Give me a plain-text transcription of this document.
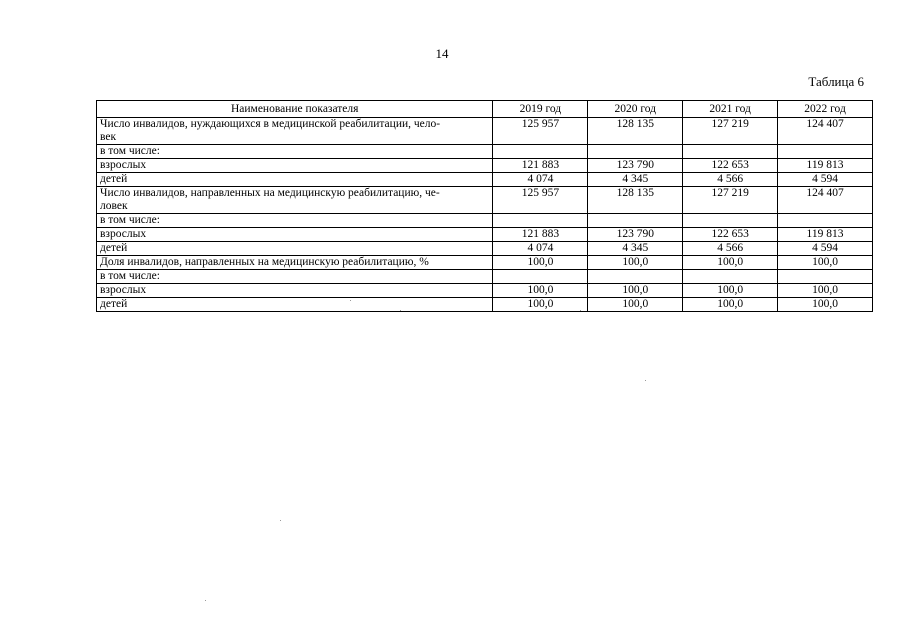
14
Таблица 6
Наименование показателя	2019 год	2020 год	2021 год	2022 год
Число инвалидов, нуждающихся в медицинской реабилитации, чело-
век	125 957	128 135	127 219	124 407
в том числе:				
взрослых	121 883	123 790	122 653	119 813
детей	4 074	4 345	4 566	4 594
Число инвалидов, направленных на медицинскую реабилитацию, че-
ловек	125 957	128 135	127 219	124 407
в том числе:				
взрослых	121 883	123 790	122 653	119 813
детей	4 074	4 345	4 566	4 594
Доля инвалидов, направленных на медицинскую реабилитацию, %	100,0	100,0	100,0	100,0
в том числе:				
взрослых	100,0	100,0	100,0	100,0
детей	100,0	100,0	100,0	100,0
